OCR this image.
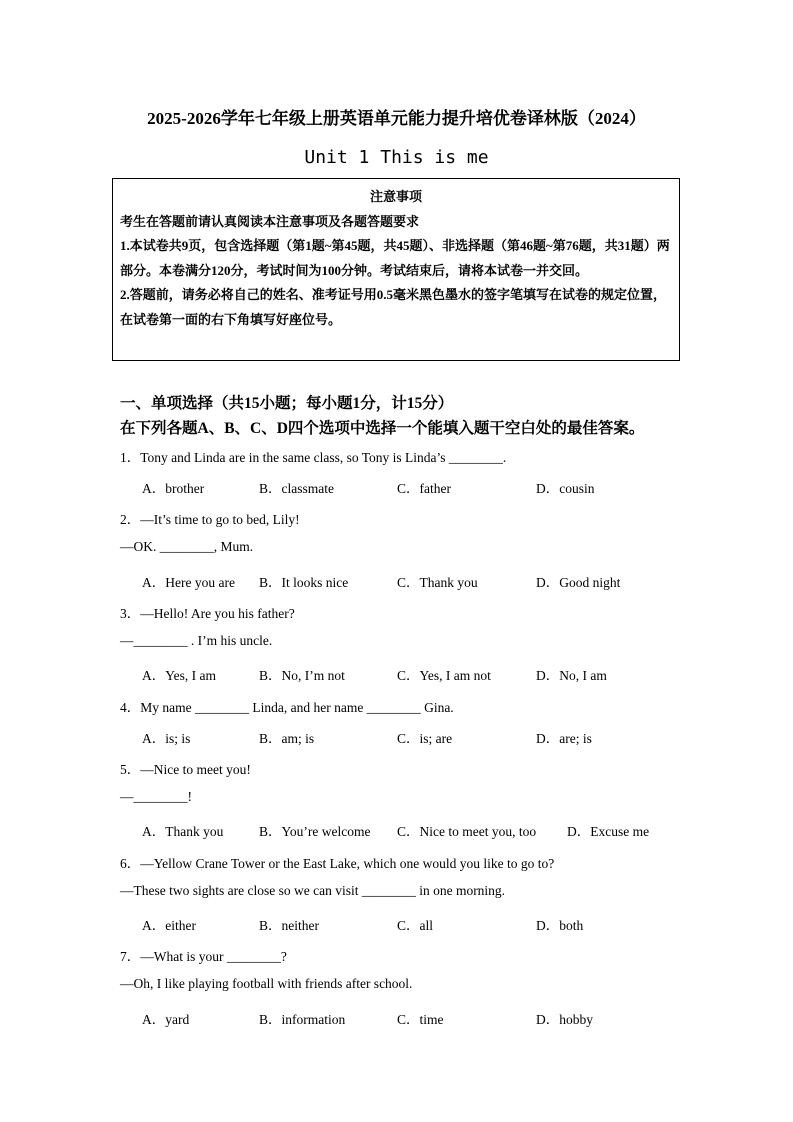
2025-2026学年七年级上册英语单元能力提升培优卷译林版（2024）
Unit 1 This is me
注意事项
考生在答题前请认真阅读本注意事项及各题答题要求
1.本试卷共9页，包含选择题（第1题~第45题，共45题）、非选择题（第46题~第76题，共31题）两部分。本卷满分120分，考试时间为100分钟。考试结束后，请将本试卷一并交回。
2.答题前，请务必将自己的姓名、准考证号用0.5毫米黑色墨水的签字笔填写在试卷的规定位置，在试卷第一面的右下角填写好座位号。
一、单项选择（共15小题；每小题1分，计15分）
在下列各题A、B、C、D四个选项中选择一个能填入题干空白处的最佳答案。
1．Tony and Linda are in the same class, so Tony is Linda’s ________.
A．brother	B．classmate	C．father	D．cousin
2．—It’s time to go to bed, Lily!
—OK. ________, Mum.
A．Here you are B．It looks nice	C．Thank you	D．Good night
3．—Hello! Are you his father?
—________ . I’m his uncle.
A．Yes, I am	B．No, I’m not	C．Yes, I am not	D．No, I am
4．My name ________ Linda, and her name ________ Gina.
A．is; is	B．am; is	C．is; are	D．are; is
5．—Nice to meet you!
—________!
A．Thank you	B．You’re welcome C．Nice to meet you, too D．Excuse me
6．—Yellow Crane Tower or the East Lake, which one would you like to go to?
—These two sights are close so we can visit ________ in one morning.
A．either	B．neither	C．all	D．both
7．—What is your ________?
—Oh, I like playing football with friends after school.
A．yard	B．information	C．time	D．hobby
